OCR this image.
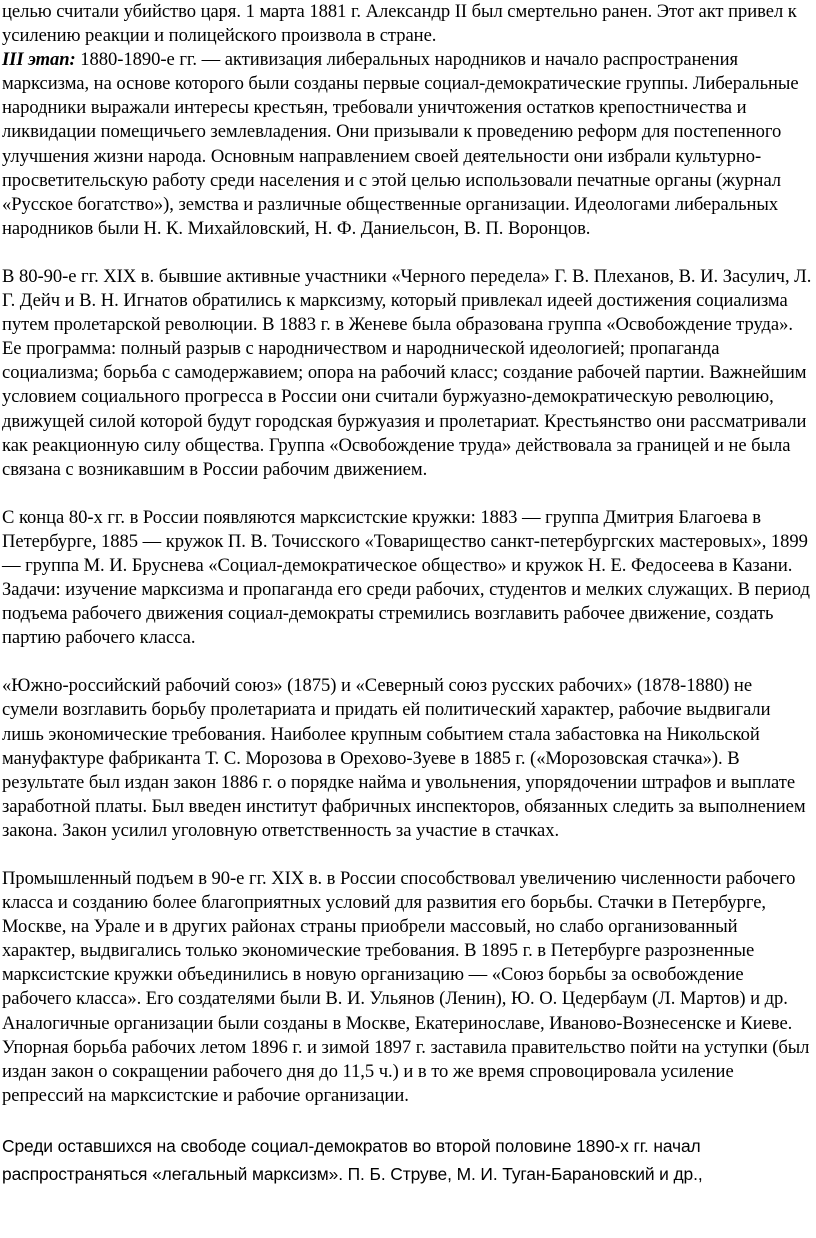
целью считали убийство царя. 1 марта 1881 г. Александр II был смертельно ранен. Этот акт привел к усилению реакции и полицейского произвола в стране.

III этап: 1880-1890-е гг. — активизация либеральных народников и начало распространения марксизма, на основе которого были созданы первые социал-демократические группы. Либеральные народники выражали интересы крестьян, требовали уничтожения остатков крепостничества и ликвидации помещичьего землевладения. Они призывали к проведению реформ для постепенного улучшения жизни народа. Основным направлением своей деятельности они избрали культурно-просветительскую работу среди населения и с этой целью использовали печатные органы (журнал «Русское богатство»), земства и различные общественные организации. Идеологами либеральных народников были Н. К. Михайловский, Н. Ф. Даниельсон, В. П. Воронцов.

В 80-90-е гг. XIX в. бывшие активные участники «Черного передела» Г. В. Плеханов, В. И. Засулич, Л. Г. Дейч и В. Н. Игнатов обратились к марксизму, который привлекал идеей достижения социализма путем пролетарской революции. В 1883 г. в Женеве была образована группа «Освобождение труда». Ее программа: полный разрыв с народничеством и народнической идеологией; пропаганда социализма; борьба с самодержавием; опора на рабочий класс; создание рабочей партии. Важнейшим условием социального прогресса в России они считали буржуазно-демократическую революцию, движущей силой которой будут городская буржуазия и пролетариат. Крестьянство они рассматривали как реакционную силу общества. Группа «Освобождение труда» действовала за границей и не была связана с возникавшим в России рабочим движением.

С конца 80-х гг. в России появляются марксистские кружки: 1883 — группа Дмитрия Благоева в Петербурге, 1885 — кружок П. В. Точисского «Товарищество санкт-петербургских мастеровых», 1899 — группа М. И. Бруснева «Социал-демократическое общество» и кружок Н. Е. Федосеева в Казани. Задачи: изучение марксизма и пропаганда его среди рабочих, студентов и мелких служащих. В период подъема рабочего движения социал-демократы стремились возглавить рабочее движение, создать партию рабочего класса.

«Южно-российский рабочий союз» (1875) и «Северный союз русских рабочих» (1878-1880) не сумели возглавить борьбу пролетариата и придать ей политический характер, рабочие выдвигали лишь экономические требования. Наиболее крупным событием стала забастовка на Никольской мануфактуре фабриканта Т. С. Морозова в Орехово-Зуеве в 1885 г. («Морозовская стачка»). В результате был издан закон 1886 г. о порядке найма и увольнения, упорядочении штрафов и выплате заработной платы. Был введен институт фабричных инспекторов, обязанных следить за выполнением закона. Закон усилил уголовную ответственность за участие в стачках.

Промышленный подъем в 90-е гг. XIX в. в России способствовал увеличению численности рабочего класса и созданию более благоприятных условий для развития его борьбы. Стачки в Петербурге, Москве, на Урале и в других районах страны приобрели массовый, но слабо организованный характер, выдвигались только экономические требования. В 1895 г. в Петербурге разрозненные марксистские кружки объединились в новую организацию — «Союз борьбы за освобождение рабочего класса». Его создателями были В. И. Ульянов (Ленин), Ю. О. Цедербаум (Л. Мартов) и др. Аналогичные организации были созданы в Москве, Екатеринославе, Иваново-Вознесенске и Киеве. Упорная борьба рабочих летом 1896 г. и зимой 1897 г. заставила правительство пойти на уступки (был издан закон о сокращении рабочего дня до 11,5 ч.) и в то же время спровоцировала усиление репрессий на марксистские и рабочие организации.

Среди оставшихся на свободе социал-демократов во второй половине 1890-х гг. начал распространяться «легальный марксизм». П. Б. Струве, М. И. Туган-Барановский и др.,
